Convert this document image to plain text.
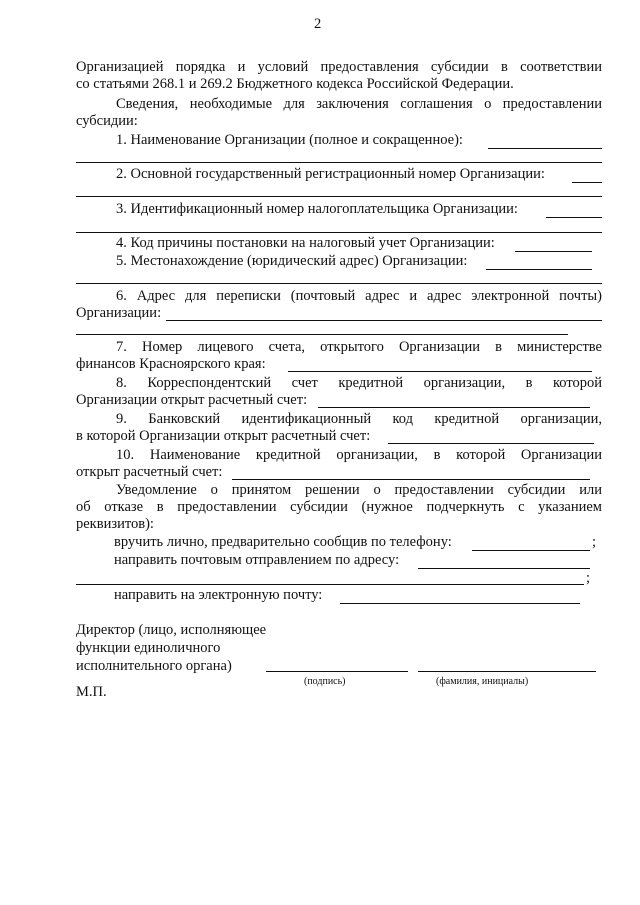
2
Организацией порядка и условий предоставления субсидии в соответствии
со статьями 268.1 и 269.2 Бюджетного кодекса Российской Федерации.
Сведения, необходимые для заключения соглашения о предоставлении
субсидии:
1. Наименование Организации (полное и сокращенное):
2. Основной государственный регистрационный номер Организации:
3. Идентификационный номер налогоплательщика Организации:
4. Код причины постановки на налоговый учет Организации:
5. Местонахождение (юридический адрес) Организации:
6. Адрес для переписки (почтовый адрес и адрес электронной почты)
Организации:
7. Номер лицевого счета, открытого Организации в министерстве
финансов Красноярского края:
8. Корреспондентский счет кредитной организации, в которой
Организации открыт расчетный счет:
9. Банковский идентификационный код кредитной организации,
в которой Организации открыт расчетный счет:
10. Наименование кредитной организации, в которой Организации
открыт расчетный счет:
Уведомление о принятом решении о предоставлении субсидии или
об отказе в предоставлении субсидии (нужное подчеркнуть с указанием
реквизитов):
вручить лично, предварительно сообщив по телефону:	;
направить почтовым отправлением по адресу:
;
направить на электронную почту:
Директор (лицо, исполняющее
функции единоличного
исполнительного органа)
(подпись)	(фамилия, инициалы)
М.П.
